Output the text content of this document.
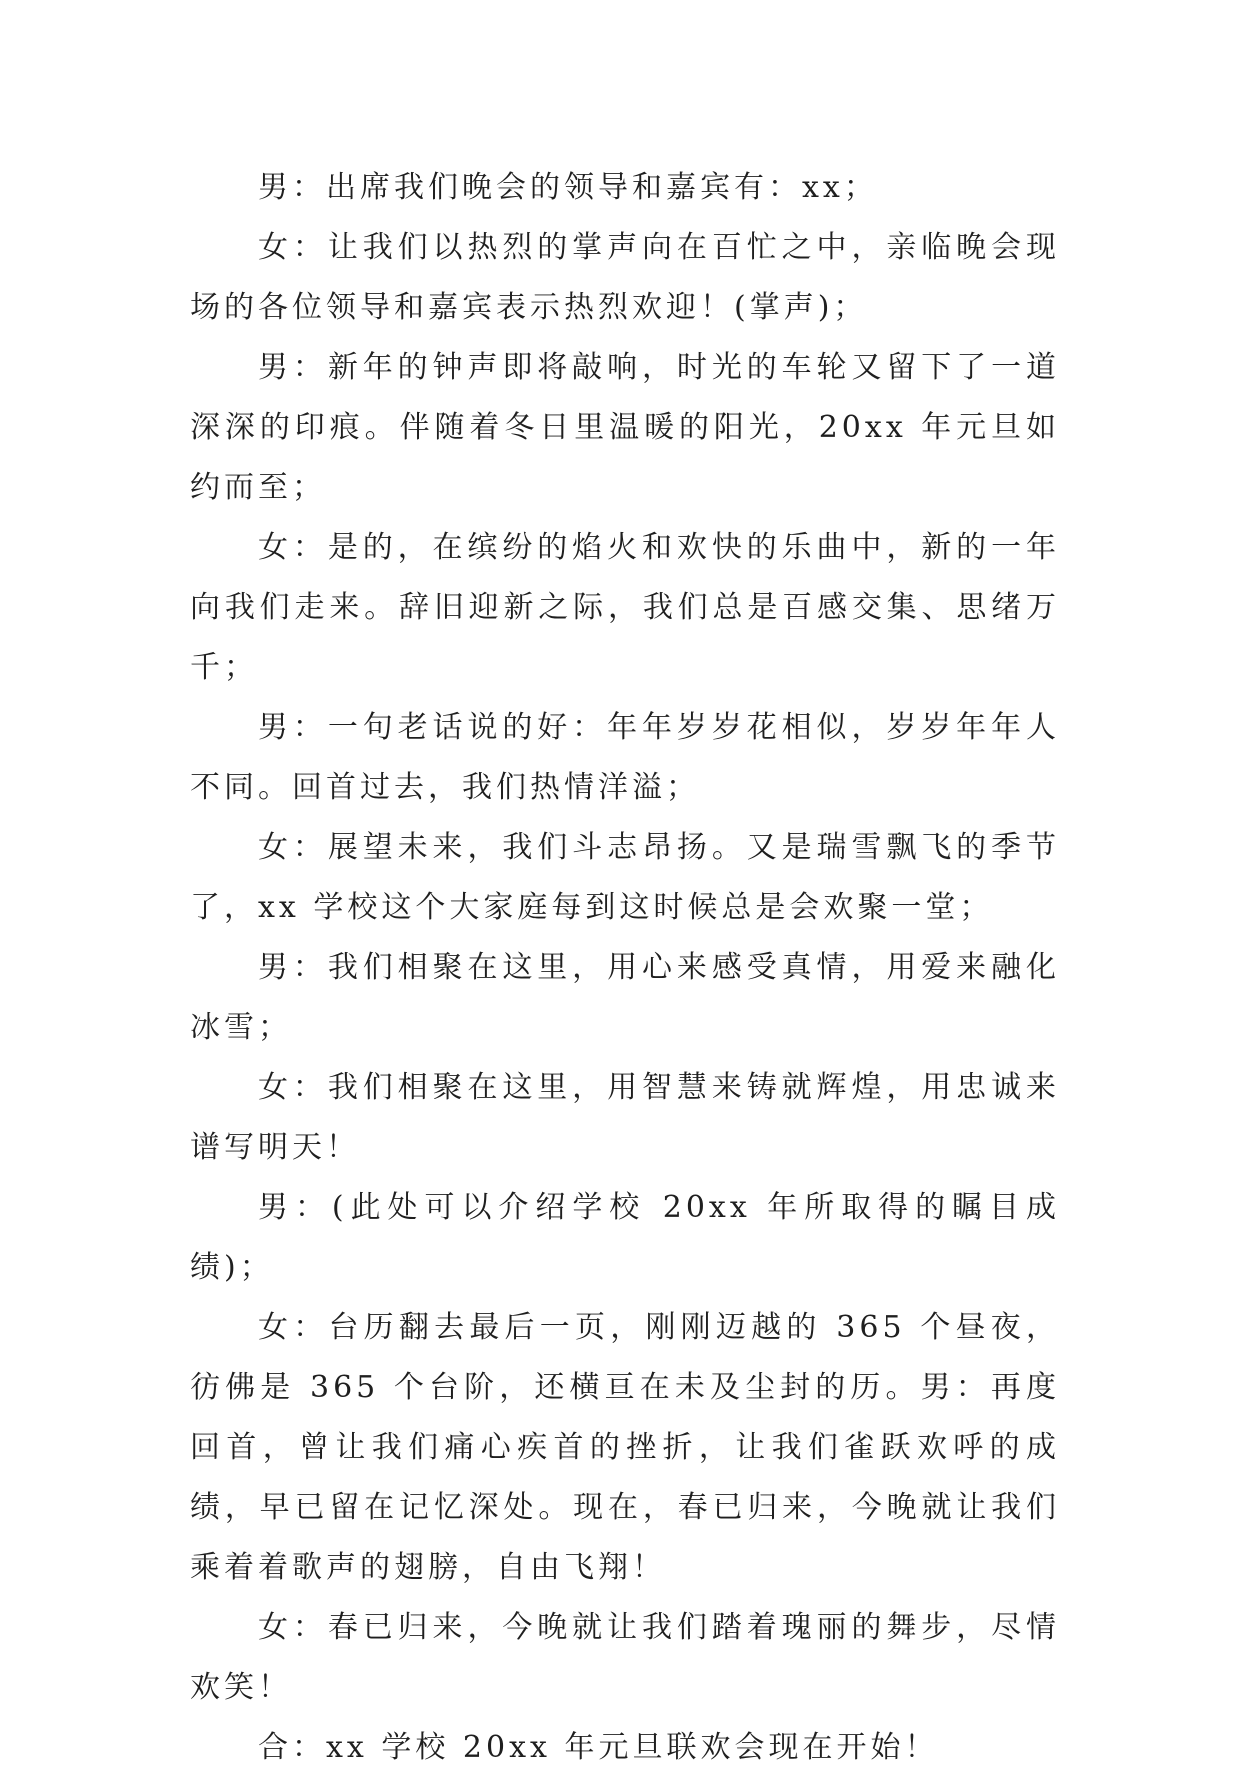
男：出席我们晚会的领导和嘉宾有：xx；

女：让我们以热烈的掌声向在百忙之中，亲临晚会现场的各位领导和嘉宾表示热烈欢迎！(掌声)；

男：新年的钟声即将敲响，时光的车轮又留下了一道深深的印痕。伴随着冬日里温暖的阳光，20xx 年元旦如约而至；

女：是的，在缤纷的焰火和欢快的乐曲中，新的一年向我们走来。辞旧迎新之际，我们总是百感交集、思绪万千；

男：一句老话说的好：年年岁岁花相似，岁岁年年人不同。回首过去，我们热情洋溢；

女：展望未来，我们斗志昂扬。又是瑞雪飘飞的季节了，xx 学校这个大家庭每到这时候总是会欢聚一堂；

男：我们相聚在这里，用心来感受真情，用爱来融化冰雪；

女：我们相聚在这里，用智慧来铸就辉煌，用忠诚来谱写明天！

男：(此处可以介绍学校 20xx 年所取得的瞩目成绩)；

女：台历翻去最后一页，刚刚迈越的 365 个昼夜，彷佛是 365 个台阶，还横亘在未及尘封的历。男：再度回首，曾让我们痛心疾首的挫折，让我们雀跃欢呼的成绩，早已留在记忆深处。现在，春已归来，今晚就让我们乘着着歌声的翅膀，自由飞翔！

女：春已归来，今晚就让我们踏着瑰丽的舞步，尽情欢笑！

合：xx 学校 20xx 年元旦联欢会现在开始！
